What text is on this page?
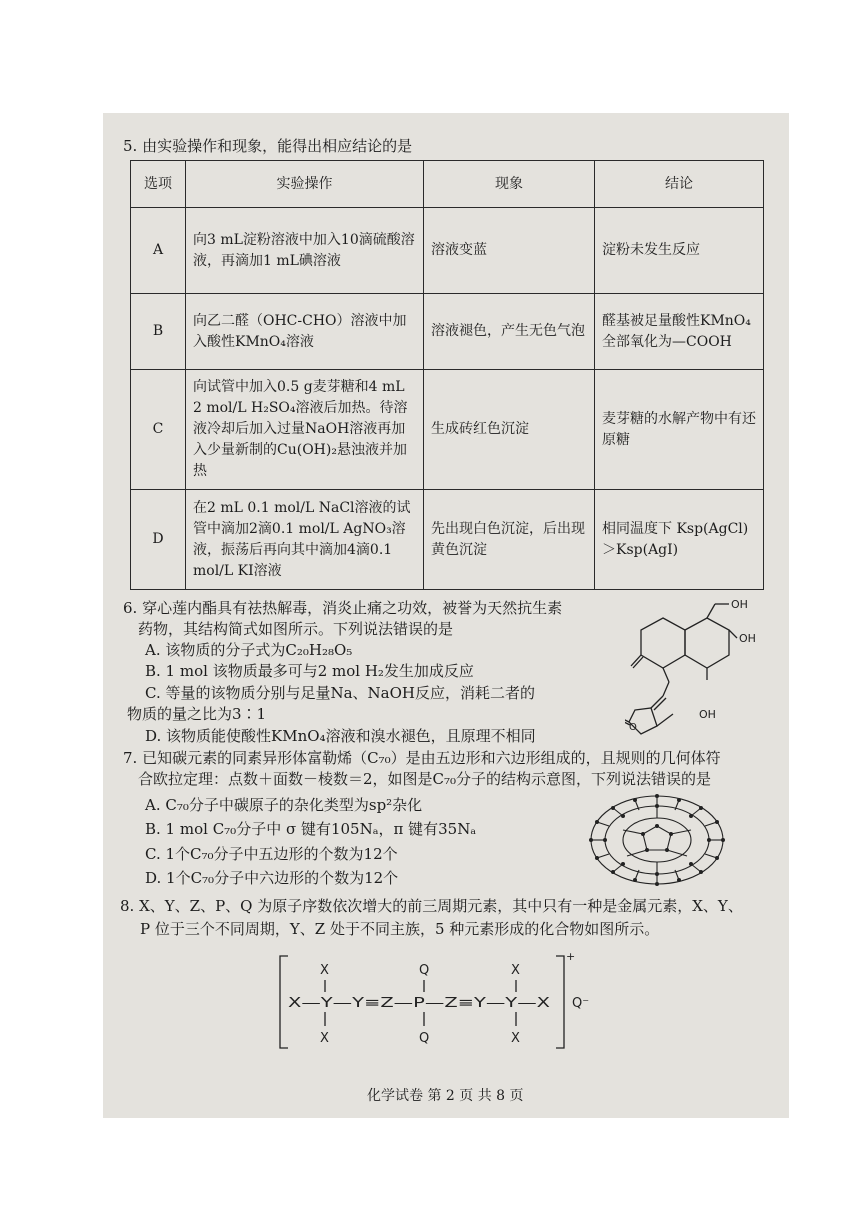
5. 由实验操作和现象，能得出相应结论的是
选项	实验操作	现象	结论
A	向3 mL淀粉溶液中加入10滴硫酸溶液，再滴加1 mL碘溶液	溶液变蓝	淀粉未发生反应
B	向乙二醛（OHC-CHO）溶液中加入酸性KMnO₄溶液	溶液褪色，产生无色气泡	醛基被足量酸性KMnO₄全部氧化为—COOH
C	向试管中加入0.5 g麦芽糖和4 mL 2 mol/L H₂SO₄溶液后加热。待溶液冷却后加入过量NaOH溶液再加入少量新制的Cu(OH)₂悬浊液并加热	生成砖红色沉淀	麦芽糖的水解产物中有还原糖
D	在2 mL 0.1 mol/L NaCl溶液的试管中滴加2滴0.1 mol/L AgNO₃溶液，振荡后再向其中滴加4滴0.1 mol/L KI溶液	先出现白色沉淀，后出现黄色沉淀	相同温度下 Ksp(AgCl)＞Ksp(AgI)
6. 穿心莲内酯具有祛热解毒，消炎止痛之功效，被誉为天然抗生素
药物，其结构简式如图所示。下列说法错误的是
A. 该物质的分子式为C₂₀H₂₈O₅
B. 1 mol 该物质最多可与2 mol H₂发生加成反应
C. 等量的该物质分别与足量Na、NaOH反应，消耗二者的
物质的量之比为3∶1
D. 该物质能使酸性KMnO₄溶液和溴水褪色，且原理不相同
OH
OH
OH
O
7. 已知碳元素的同素异形体富勒烯（C₇₀）是由五边形和六边形组成的，且规则的几何体符
合欧拉定理：点数＋面数－棱数＝2，如图是C₇₀分子的结构示意图，下列说法错误的是
A. C₇₀分子中碳原子的杂化类型为sp²杂化
B. 1 mol C₇₀分子中 σ 键有105Nₐ，π 键有35Nₐ
C. 1个C₇₀分子中五边形的个数为12个
D. 1个C₇₀分子中六边形的个数为12个
8. X、Y、Z、P、Q 为原子序数依次增大的前三周期元素，其中只有一种是金属元素，X、Y、
P 位于三个不同周期，Y、Z 处于不同主族，5 种元素形成的化合物如图所示。
X	Q	X
X—Y—Y≡Z—P—Z≡Y—Y—X
X	Q	X
+
Q⁻
化学试卷 第 2 页 共 8 页
